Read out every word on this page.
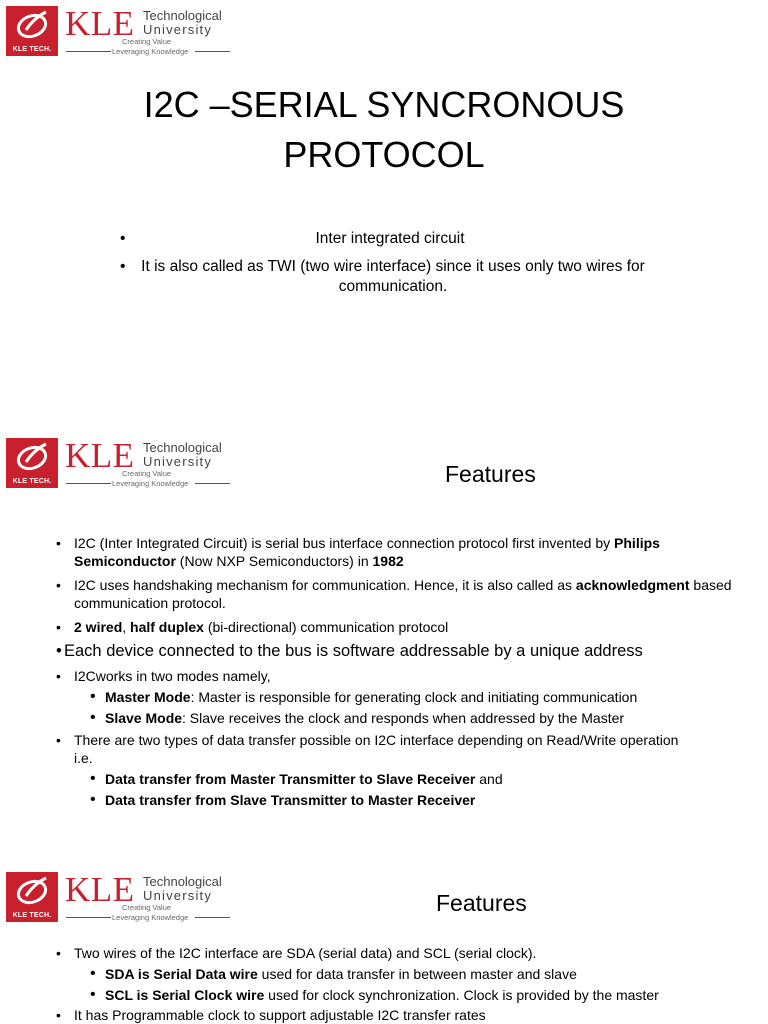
KLE TECH.
KLE Technological
University
Creating Value
Leveraging Knowledge
I2C –SERIAL SYNCRONOUS
PROTOCOL
• Inter integrated circuit
• It is also called as TWI (two wire interface) since it uses only two wires for communication.
KLE TECH.
KLE Technological
University
Creating Value
Leveraging Knowledge	Features
• I2C (Inter Integrated Circuit) is serial bus interface connection protocol first invented by Philips Semiconductor (Now NXP Semiconductors) in 1982
• I2C uses handshaking mechanism for communication. Hence, it is also called as acknowledgment based communication protocol.
• 2 wired, half duplex (bi-directional) communication protocol
• Each device connected to the bus is software addressable by a unique address
• I2Cworks in two modes namely,
• Master Mode: Master is responsible for generating clock and initiating communication
• Slave Mode: Slave receives the clock and responds when addressed by the Master
• There are two types of data transfer possible on I2C interface depending on Read/Write operation i.e.
• Data transfer from Master Transmitter to Slave Receiver and
• Data transfer from Slave Transmitter to Master Receiver
KLE TECH.
KLE Technological
University
Creating Value
Leveraging Knowledge
Features
• Two wires of the I2C interface are SDA (serial data) and SCL (serial clock).
• SDA is Serial Data wire used for data transfer in between master and slave
• SCL is Serial Clock wire used for clock synchronization. Clock is provided by the master
• It has Programmable clock to support adjustable I2C transfer rates
